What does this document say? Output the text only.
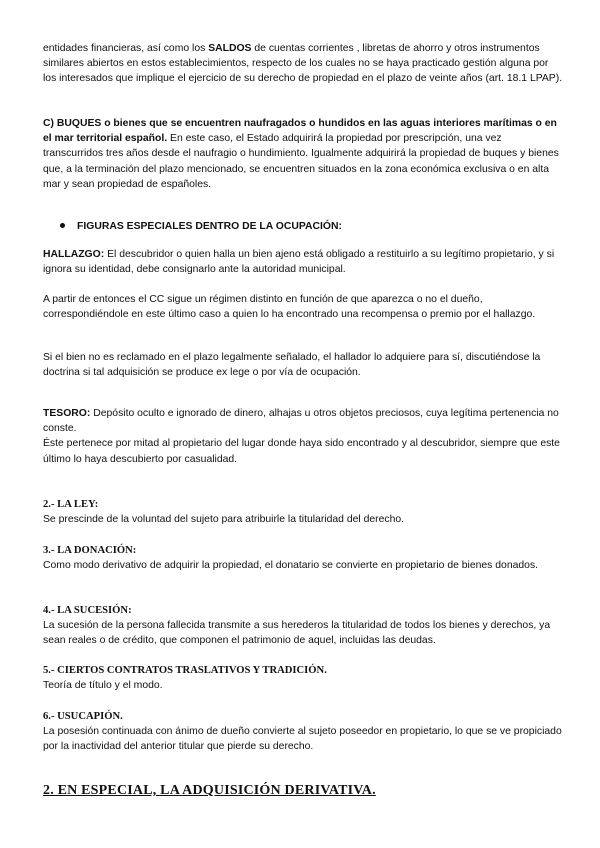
entidades financieras, así como los SALDOS de cuentas corrientes , libretas de ahorro y otros instrumentos similares abiertos en estos establecimientos, respecto de los cuales no se haya practicado gestión alguna por los interesados que implique el ejercicio de su derecho de propiedad en el plazo de veinte años (art. 18.1 LPAP).

C) BUQUES o bienes que se encuentren naufragados o hundidos en las aguas interiores marítimas o en el mar territorial español. En este caso, el Estado adquirirá la propiedad por prescripción, una vez transcurridos tres años desde el naufragio o hundimiento. Igualmente adquirirá la propiedad de buques y bienes que, a la terminación del plazo mencionado, se encuentren situados en la zona económica exclusiva o en alta mar y sean propiedad de españoles.

FIGURAS ESPECIALES DENTRO DE LA OCUPACIÓN:

HALLAZGO: El descubridor o quien halla un bien ajeno está obligado a restituirlo a su legítimo propietario, y si ignora su identidad, debe consignarlo ante la autoridad municipal.

A partir de entonces el CC sigue un régimen distinto en función de que aparezca o no el dueño, correspondiéndole en este último caso a quien lo ha encontrado una recompensa o premio por el hallazgo.

Si el bien no es reclamado en el plazo legalmente señalado, el hallador lo adquiere para sí, discutiéndose la doctrina si tal adquisición se produce ex lege o por vía de ocupación.

TESORO: Depósito oculto e ignorado de dinero, alhajas u otros objetos preciosos, cuya legítima pertenencia no conste.

Éste pertenece por mitad al propietario del lugar donde haya sido encontrado y al descubridor, siempre que este último lo haya descubierto por casualidad.

2.- LA LEY:

Se prescinde de la voluntad del sujeto para atribuirle la titularidad del derecho.

3.- LA DONACIÓN:

Como modo derivativo de adquirir la propiedad, el donatario se convierte en propietario de bienes donados.

4.- LA SUCESIÓN:

La sucesión de la persona fallecida transmite a sus herederos la titularidad de todos los bienes y derechos, ya sean reales o de crédito, que componen el patrimonio de aquel, incluidas las deudas.

5.- CIERTOS CONTRATOS TRASLATIVOS Y TRADICIÓN.

Teoría de título y el modo.

6.- USUCAPIÓN.

La posesión continuada con ánimo de dueño convierte al sujeto poseedor en propietario, lo que se ve propiciado por la inactividad del anterior titular que pierde su derecho.

2. EN ESPECIAL, LA ADQUISICIÓN DERIVATIVA.
